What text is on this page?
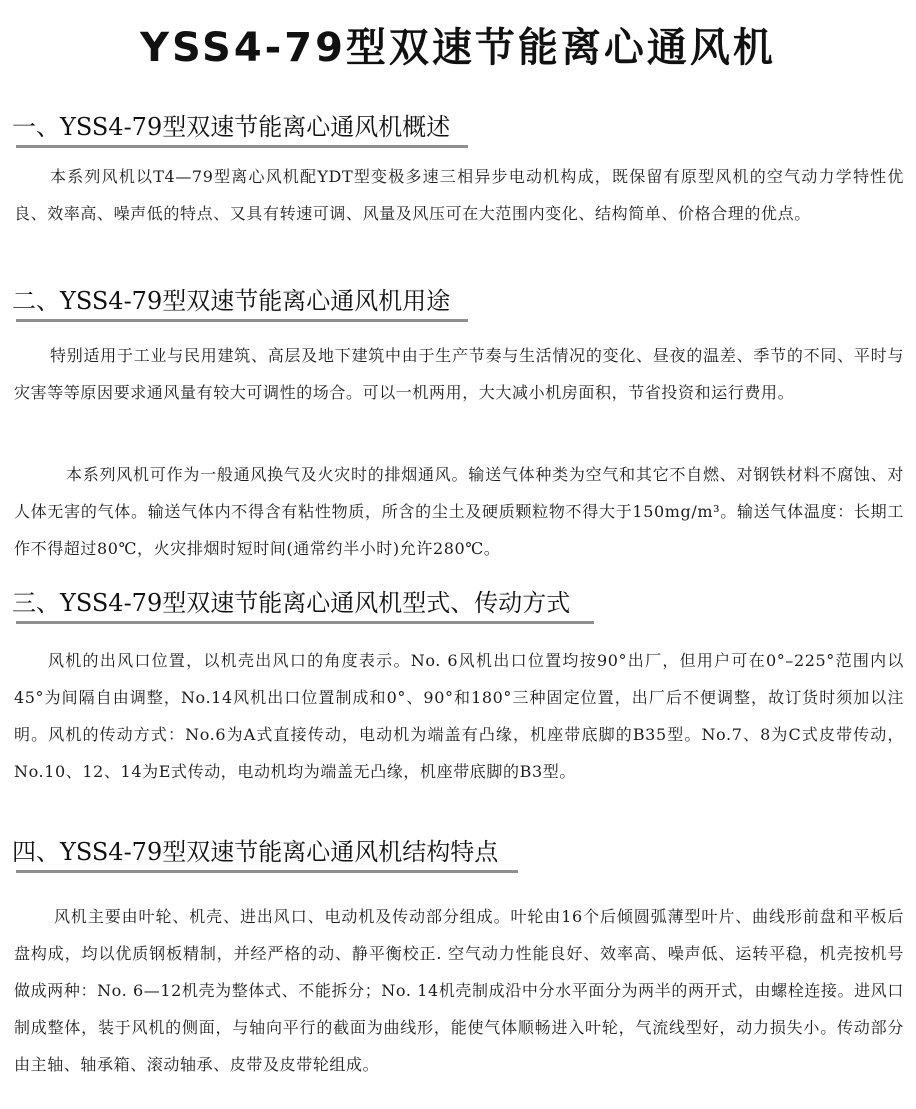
YSS4-79型双速节能离心通风机
一、YSS4-79型双速节能离心通风机概述

本系列风机以T4—79型离心风机配YDT型变极多速三相异步电动机构成，既保留有原型风机的空气动力学特性优良、效率高、噪声低的特点、又具有转速可调、风量及风压可在大范围内变化、结构简单、价格合理的优点。

二、YSS4-79型双速节能离心通风机用途

特别适用于工业与民用建筑、高层及地下建筑中由于生产节奏与生活情况的变化、昼夜的温差、季节的不同、平时与灾害等等原因要求通风量有较大可调性的场合。可以一机两用，大大减小机房面积，节省投资和运行费用。

本系列风机可作为一般通风换气及火灾时的排烟通风。输送气体种类为空气和其它不自燃、对钢铁材料不腐蚀、对人体无害的气体。输送气体内不得含有粘性物质，所含的尘土及硬质颗粒物不得大于150mg/m³。输送气体温度：长期工作不得超过80℃，火灾排烟时短时间(通常约半小时)允许280℃。

三、YSS4-79型双速节能离心通风机型式、传动方式

风机的出风口位置，以机壳出风口的角度表示。No. 6风机出口位置均按90°出厂，但用户可在0°–225°范围内以45°为间隔自由调整，No.14风机出口位置制成和0°、90°和180°三种固定位置，出厂后不便调整，故订货时须加以注明。风机的传动方式：No.6为A式直接传动，电动机为端盖有凸缘，机座带底脚的B35型。No.7、8为C式皮带传动，No.10、12、14为E式传动，电动机均为端盖无凸缘，机座带底脚的B3型。

四、YSS4-79型双速节能离心通风机结构特点

风机主要由叶轮、机壳、进出风口、电动机及传动部分组成。叶轮由16个后倾圆弧薄型叶片、曲线形前盘和平板后盘构成，均以优质钢板精制，并经严格的动、静平衡校正. 空气动力性能良好、效率高、噪声低、运转平稳，机壳按机号做成两种：No. 6—12机壳为整体式、不能拆分；No. 14机壳制成沿中分水平面分为两半的两开式，由螺栓连接。进风口制成整体，装于风机的侧面，与轴向平行的截面为曲线形，能使气体顺畅进入叶轮，气流线型好，动力损失小。传动部分由主轴、轴承箱、滚动轴承、皮带及皮带轮组成。
